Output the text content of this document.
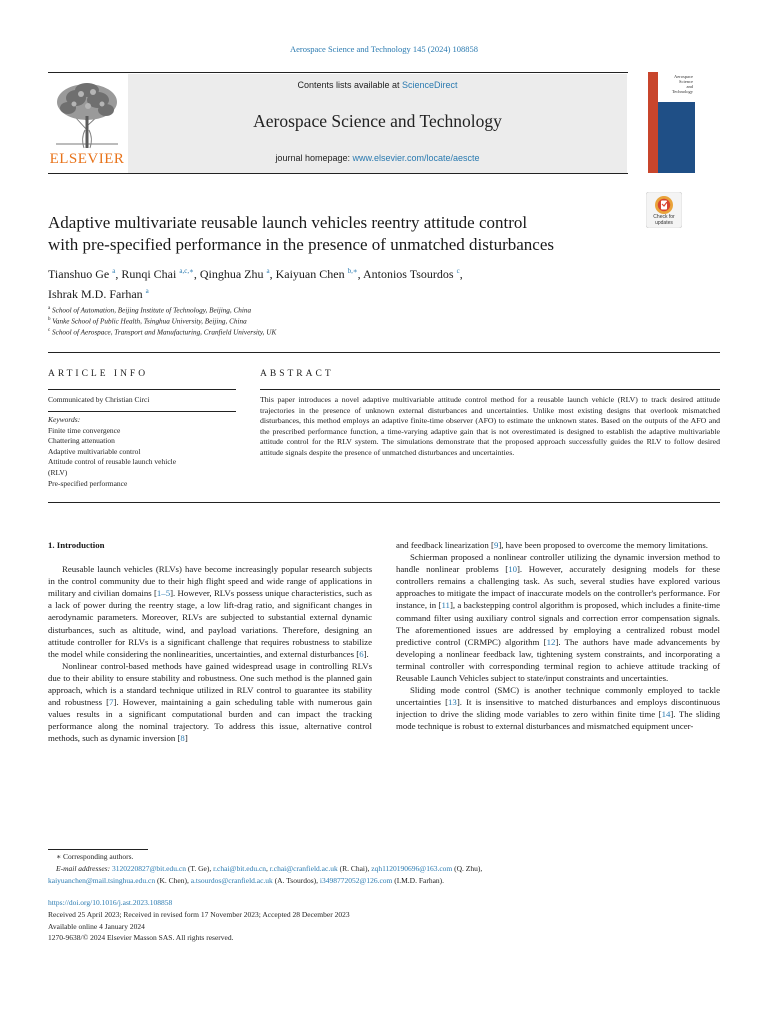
Aerospace Science and Technology 145 (2024) 108858
ELSEVIER
Contents lists available at ScienceDirect
Aerospace Science and Technology
journal homepage: www.elsevier.com/locate/aescte
Aerospace
Science
and
Technology
Adaptive multivariate reusable launch vehicles reentry attitude control
with pre-specified performance in the presence of unmatched disturbances
Check for
updates
Tianshuo Ge $^a$, Runqi Chai $^{a,c,∗}$, Qinghua Zhu $^a$, Kaiyuan Chen $^{b,∗}$, Antonios Tsourdos $^c$,
Ishrak M.D. Farhan $^a$
$^a$ School of Automation, Beijing Institute of Technology, Beijing, China
$^b$ Vanke School of Public Health, Tsinghua University, Beijing, China
$^c$ School of Aerospace, Transport and Manufacturing, Cranfield University, UK
ARTICLE INFO
Communicated by Christian Circi
Keywords:
Finite time convergence
Chattering attenuation
Adaptive multivariable control
Attitude control of reusable launch vehicle
(RLV)
Pre-specified performance
ABSTRACT
This paper introduces a novel adaptive multivariable attitude control method for a reusable launch vehicle (RLV) to track desired attitude trajectories in the presence of unknown external disturbances and uncertainties. Unlike most existing designs that overlook mismatched disturbances, this method employs an adaptive finite-time observer (AFO) to estimate the unknown states. Based on the outputs of the AFO and the prescribed performance function, a time-varying adaptive gain that is not overestimated is designed to establish the adaptive multivariable attitude control for the RLV system. The simulations demonstrate that the proposed approach successfully guides the RLV to follow desired attitude signals despite the presence of unmatched disturbances and uncertainties.

1. Introduction

Reusable launch vehicles (RLVs) have become increasingly popular research subjects in the control community due to their high flight speed and wide range of applications in military and civilian domains [1–5]. However, RLVs possess unique characteristics, such as a lack of power during the reentry stage, a low lift-drag ratio, and significant changes in aerodynamic parameters. Moreover, RLVs are subjected to substantial external dynamic disturbances, such as altitude, wind, and payload variations. Therefore, designing an attitude controller for RLVs is a significant challenge that requires robustness to stabilize the model while considering the nonlinearities, uncertainties, and external disturbances [6].

Nonlinear control-based methods have gained widespread usage in controlling RLVs due to their ability to ensure stability and robustness. One such method is the planned gain approach, which is a standard technique utilized in RLV control to guarantee its stability and robustness [7]. However, maintaining a gain scheduling table with numerous gain values results in a significant computational burden and can impact the tracking performance along the nominal trajectory. To address this issue, alternative control methods, such as dynamic inversion [8]

and feedback linearization [9], have been proposed to overcome the memory limitations.

Schierman proposed a nonlinear controller utilizing the dynamic inversion method to handle nonlinear problems [10]. However, accurately designing models for these controllers remains a challenging task. As such, several studies have explored various approaches to mitigate the impact of inaccurate models on the controller's performance. For instance, in [11], a backstepping control algorithm is proposed, which includes a finite-time command filter using auxiliary control signals and correction error compensation signals. The aforementioned issues are addressed by employing a centralized robust model predictive control (CRMPC) algorithm [12]. The authors have made advancements by developing a nonlinear feedback law, tightening system constraints, and incorporating a terminal controller with corresponding terminal region to achieve attitude tracking of Reusable Launch Vehicles subject to state/input constraints and uncertainties.

Sliding mode control (SMC) is another technique commonly employed to tackle uncertainties [13]. It is insensitive to matched disturbances and employs discontinuous injection to drive the sliding mode variables to zero within finite time [14]. The sliding mode technique is robust to external disturbances and mismatched equipment uncer-

∗ Corresponding authors.
E-mail addresses: 3120220827@bit.edu.cn (T. Ge), r.chai@bit.edu.cn, r.chai@cranfield.ac.uk (R. Chai), zqh1120190696@163.com (Q. Zhu),
kaiyuanchen@mail.tsinghua.edu.cn (K. Chen), a.tsourdos@cranfield.ac.uk (A. Tsourdos), i3498772052@126.com (I.M.D. Farhan).
https://doi.org/10.1016/j.ast.2023.108858
Received 25 April 2023; Received in revised form 17 November 2023; Accepted 28 December 2023
Available online 4 January 2024
1270-9638/© 2024 Elsevier Masson SAS. All rights reserved.
